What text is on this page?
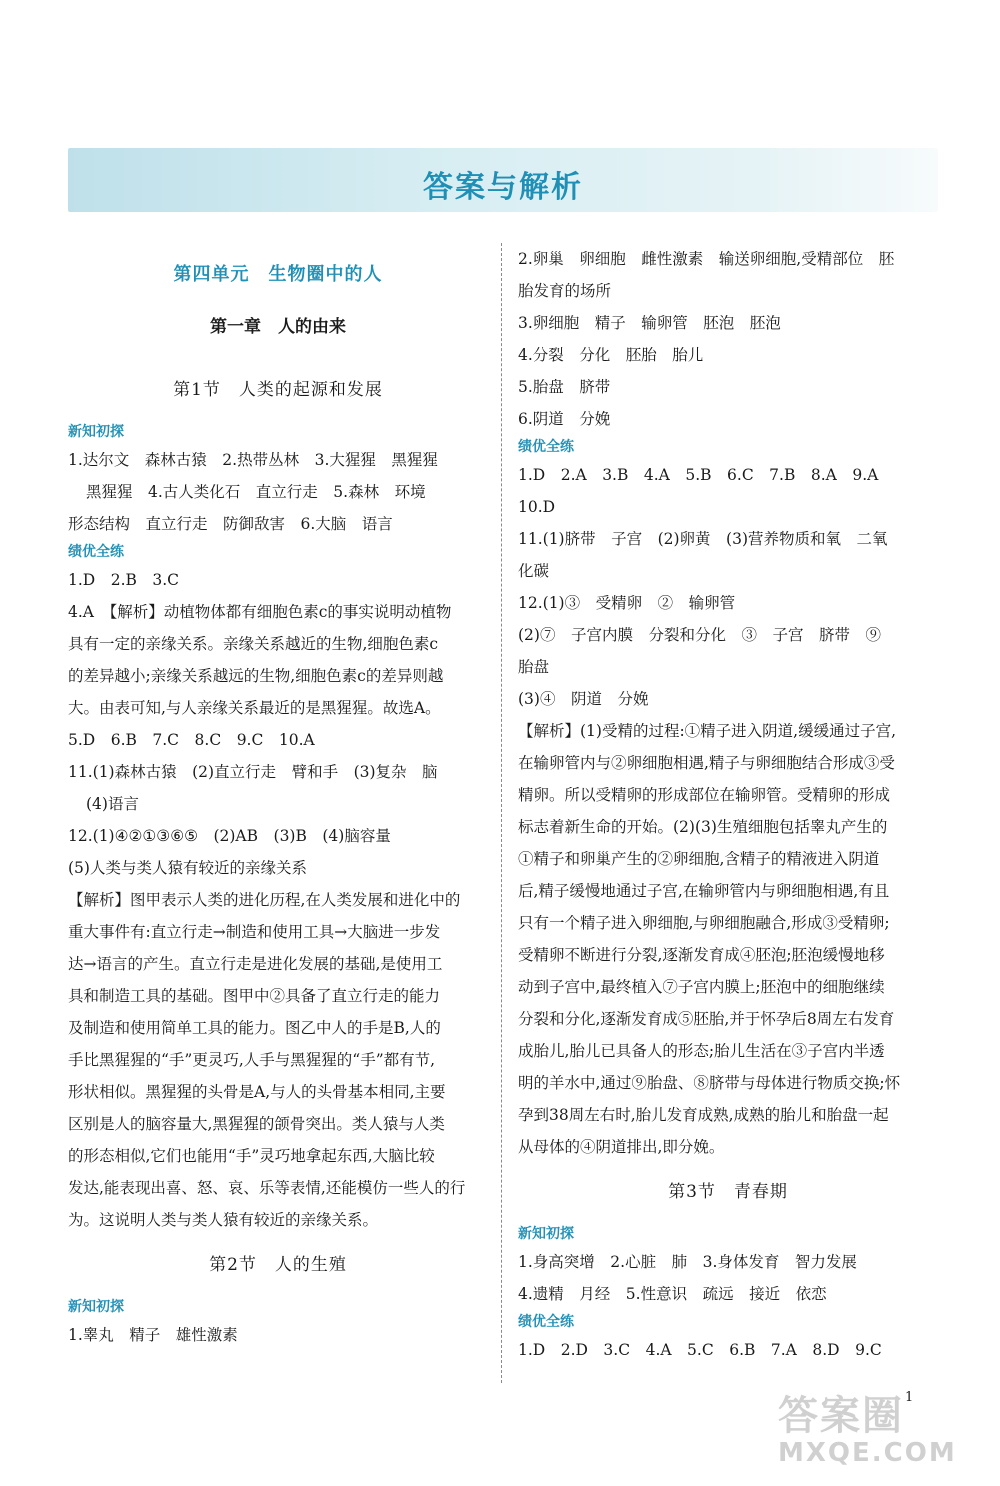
答案与解析
第四单元　生物圈中的人
第一章　人的由来
第1节　人类的起源和发展
新知初探
1.达尔文　森林古猿　2.热带丛林　3.大猩猩　黑猩猩
黑猩猩　4.古人类化石　直立行走　5.森林　环境
形态结构　直立行走　防御敌害　6.大脑　语言
绩优全练
1.D　2.B　3.C
4.A　【解析】动植物体都有细胞色素c的事实说明动植物
具有一定的亲缘关系。亲缘关系越近的生物,细胞色素c
的差异越小;亲缘关系越远的生物,细胞色素c的差异则越
大。由表可知,与人亲缘关系最近的是黑猩猩。故选A。
5.D　6.B　7.C　8.C　9.C　10.A
11.(1)森林古猿　(2)直立行走　臂和手　(3)复杂　脑
(4)语言
12.(1)④②①③⑥⑤　(2)AB　(3)B　(4)脑容量
(5)人类与类人猿有较近的亲缘关系
【解析】图甲表示人类的进化历程,在人类发展和进化中的
重大事件有:直立行走→制造和使用工具→大脑进一步发
达→语言的产生。直立行走是进化发展的基础,是使用工
具和制造工具的基础。图甲中②具备了直立行走的能力
及制造和使用简单工具的能力。图乙中人的手是B,人的
手比黑猩猩的“手”更灵巧,人手与黑猩猩的“手”都有节,
形状相似。黑猩猩的头骨是A,与人的头骨基本相同,主要
区别是人的脑容量大,黑猩猩的颌骨突出。类人猿与人类
的形态相似,它们也能用“手”灵巧地拿起东西,大脑比较
发达,能表现出喜、怒、哀、乐等表情,还能模仿一些人的行
为。这说明人类与类人猿有较近的亲缘关系。
第2节　人的生殖
新知初探
1.睾丸　精子　雄性激素
2.卵巢　卵细胞　雌性激素　输送卵细胞,受精部位　胚
胎发育的场所
3.卵细胞　精子　输卵管　胚泡　胚泡
4.分裂　分化　胚胎　胎儿
5.胎盘　脐带
6.阴道　分娩
绩优全练
1.D　2.A　3.B　4.A　5.B　6.C　7.B　8.A　9.A
10.D
11.(1)脐带　子宫　(2)卵黄　(3)营养物质和氧　二氧
化碳
12.(1)③　受精卵　②　输卵管
(2)⑦　子宫内膜　分裂和分化　③　子宫　脐带　⑨
胎盘
(3)④　阴道　分娩
【解析】(1)受精的过程:①精子进入阴道,缓缓通过子宫,
在输卵管内与②卵细胞相遇,精子与卵细胞结合形成③受
精卵。所以受精卵的形成部位在输卵管。受精卵的形成
标志着新生命的开始。(2)(3)生殖细胞包括睾丸产生的
①精子和卵巢产生的②卵细胞,含精子的精液进入阴道
后,精子缓慢地通过子宫,在输卵管内与卵细胞相遇,有且
只有一个精子进入卵细胞,与卵细胞融合,形成③受精卵;
受精卵不断进行分裂,逐渐发育成④胚泡;胚泡缓慢地移
动到子宫中,最终植入⑦子宫内膜上;胚泡中的细胞继续
分裂和分化,逐渐发育成⑤胚胎,并于怀孕后8周左右发育
成胎儿,胎儿已具备人的形态;胎儿生活在③子宫内半透
明的羊水中,通过⑨胎盘、⑧脐带与母体进行物质交换;怀
孕到38周左右时,胎儿发育成熟,成熟的胎儿和胎盘一起
从母体的④阴道排出,即分娩。
第3节　青春期
新知初探
1.身高突增　2.心脏　肺　3.身体发育　智力发展
4.遗精　月经　5.性意识　疏远　接近　依恋
绩优全练
1.D　2.D　3.C　4.A　5.C　6.B　7.A　8.D　9.C
1
答案圈
MXQE.COM
